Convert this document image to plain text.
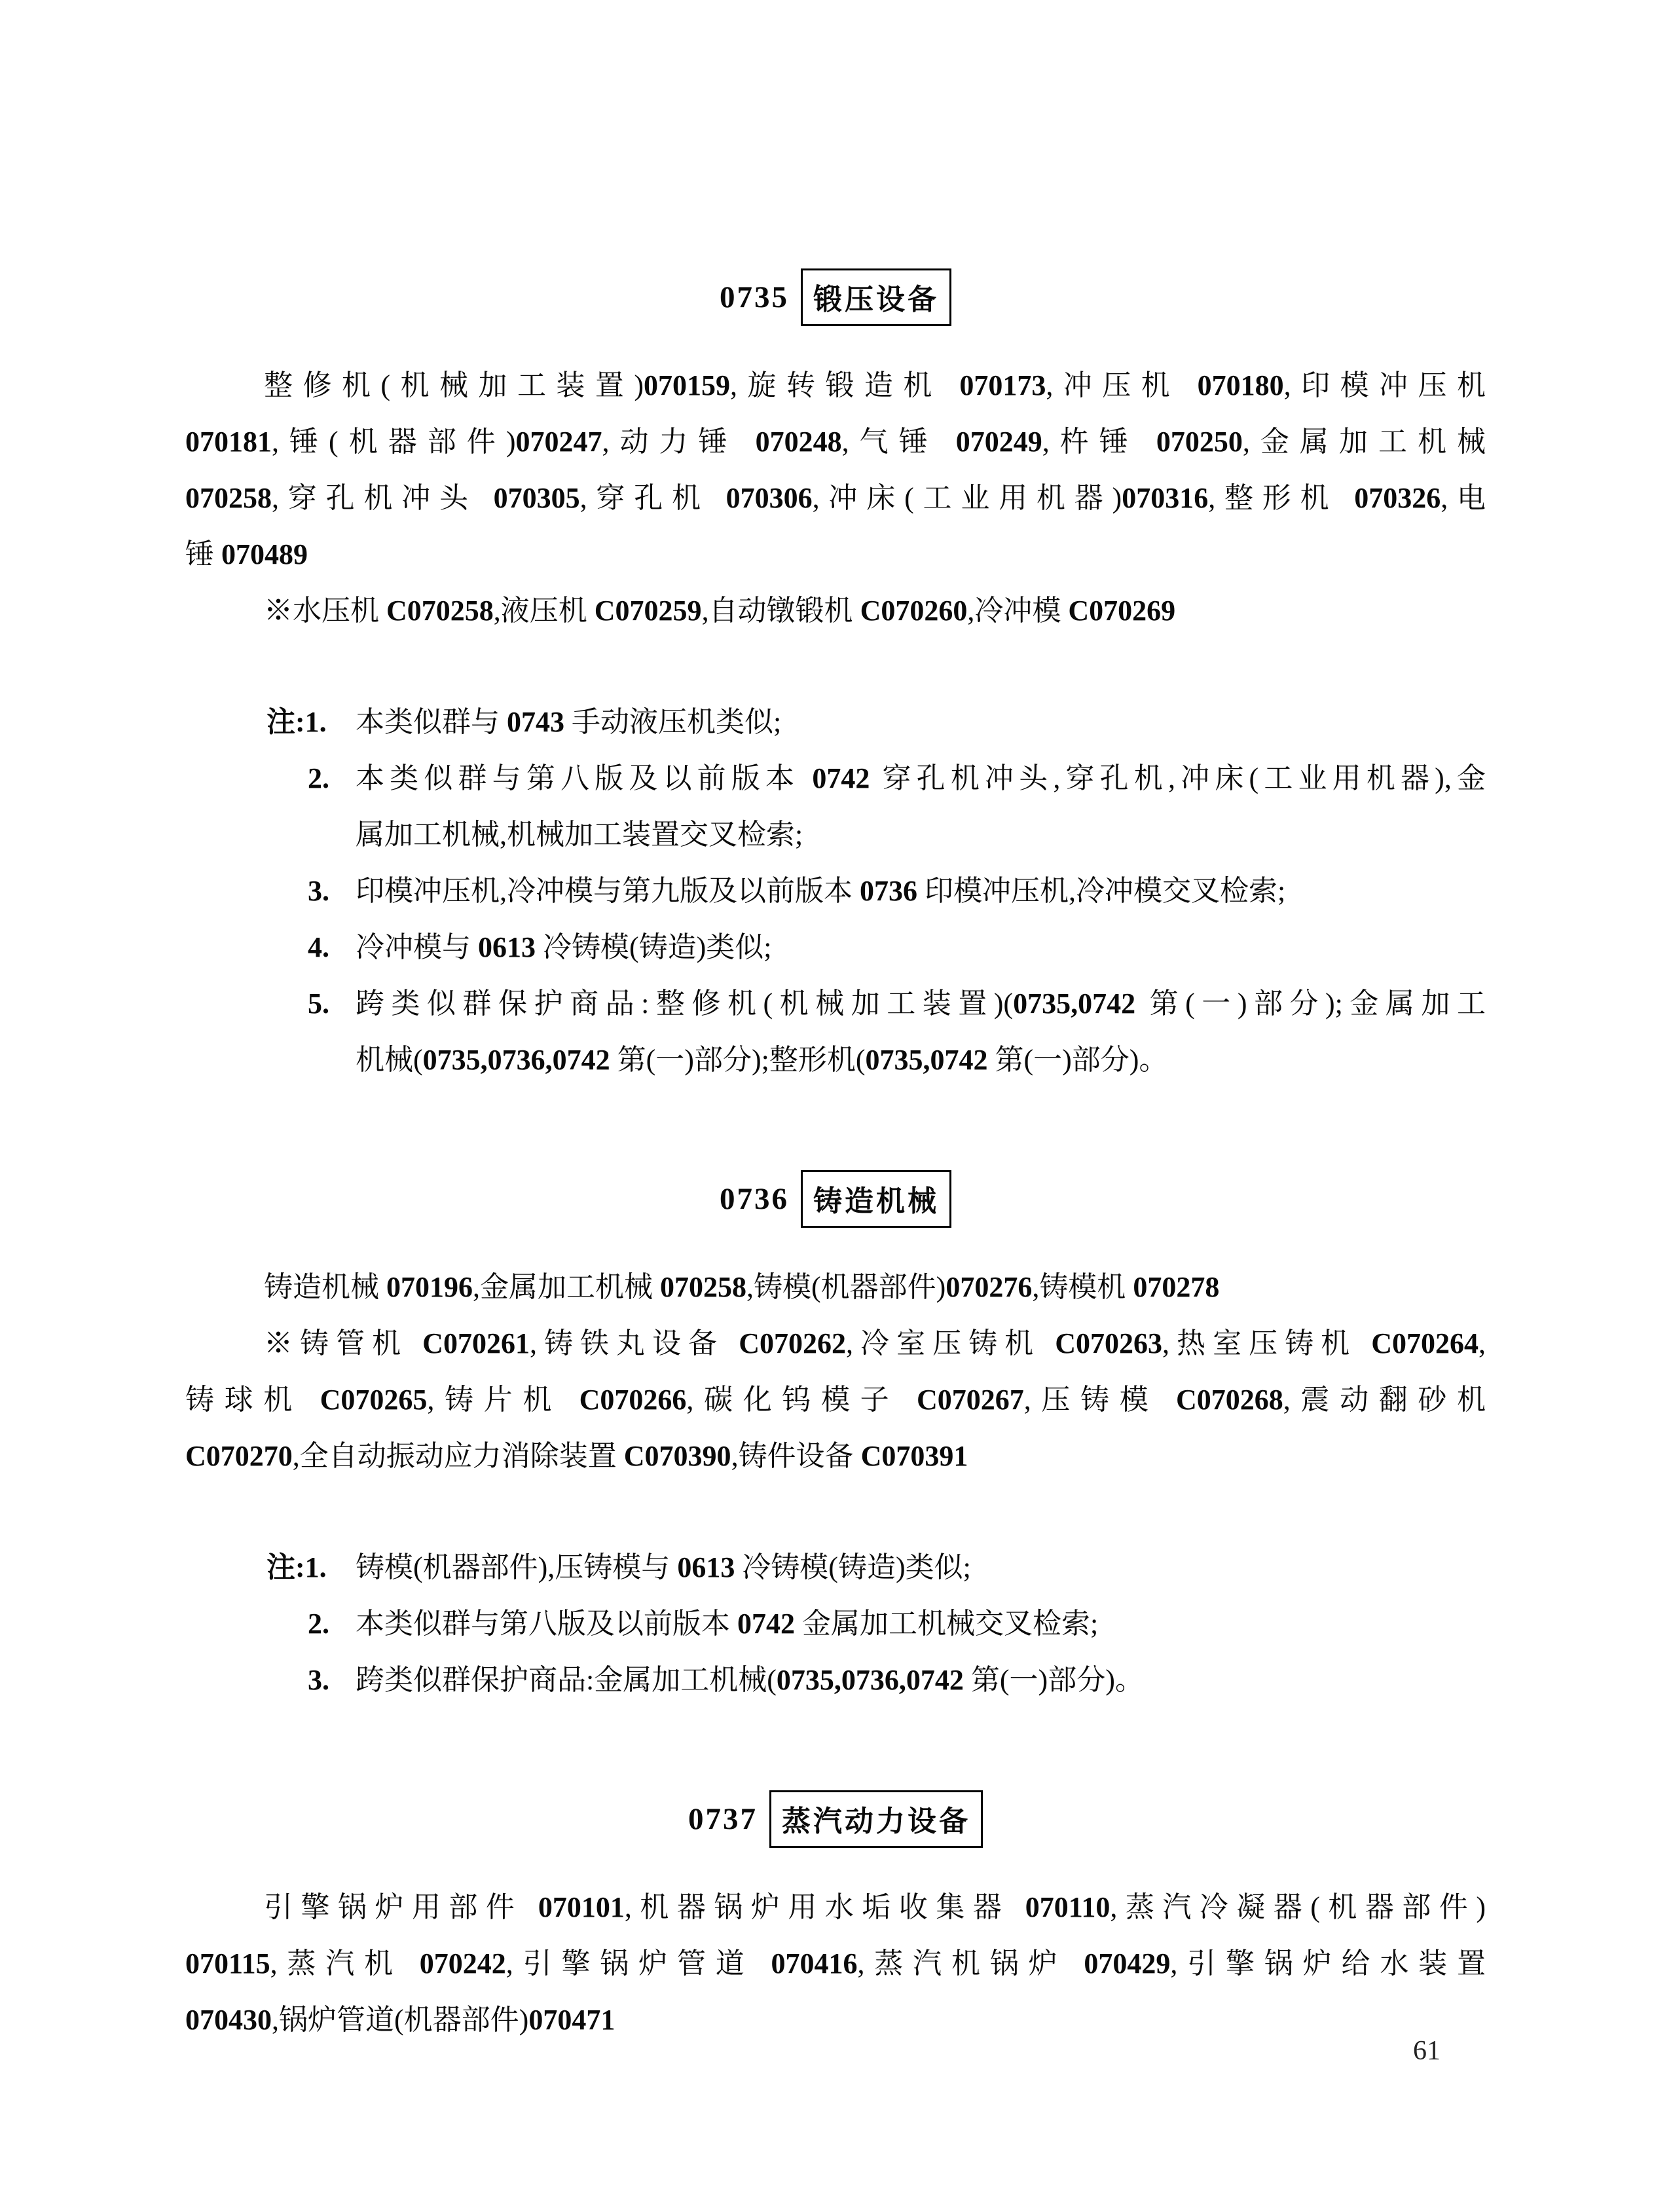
0735 锻压设备
整修机(机械加工装置)070159,旋转锻造机 070173,冲压机 070180,印模冲压机
070181,锤(机器部件)070247,动力锤 070248,气锤 070249,杵锤 070250,金属加工机械
070258,穿孔机冲头 070305,穿孔机 070306,冲床(工业用机器)070316,整形机 070326,电
锤 070489
※水压机 C070258,液压机 C070259,自动镦锻机 C070260,冷冲模 C070269
注:1. 本类似群与 0743 手动液压机类似;
2. 本类似群与第八版及以前版本 0742 穿孔机冲头,穿孔机,冲床(工业用机器),金
属加工机械,机械加工装置交叉检索;
3. 印模冲压机,冷冲模与第九版及以前版本 0736 印模冲压机,冷冲模交叉检索;
4. 冷冲模与 0613 冷铸模(铸造)类似;
5. 跨类似群保护商品:整修机(机械加工装置)(0735,0742 第(一)部分);金属加工
机械(0735,0736,0742 第(一)部分);整形机(0735,0742 第(一)部分)。
0736 铸造机械
铸造机械 070196,金属加工机械 070258,铸模(机器部件)070276,铸模机 070278
※铸管机 C070261,铸铁丸设备 C070262,冷室压铸机 C070263,热室压铸机 C070264,
铸球机 C070265,铸片机 C070266,碳化钨模子 C070267,压铸模 C070268,震动翻砂机
C070270,全自动振动应力消除装置 C070390,铸件设备 C070391
注:1. 铸模(机器部件),压铸模与 0613 冷铸模(铸造)类似;
2. 本类似群与第八版及以前版本 0742 金属加工机械交叉检索;
3. 跨类似群保护商品:金属加工机械(0735,0736,0742 第(一)部分)。
0737 蒸汽动力设备
引擎锅炉用部件 070101,机器锅炉用水垢收集器 070110,蒸汽冷凝器(机器部件)
070115,蒸汽机 070242,引擎锅炉管道 070416,蒸汽机锅炉 070429,引擎锅炉给水装置
070430,锅炉管道(机器部件)070471
61
